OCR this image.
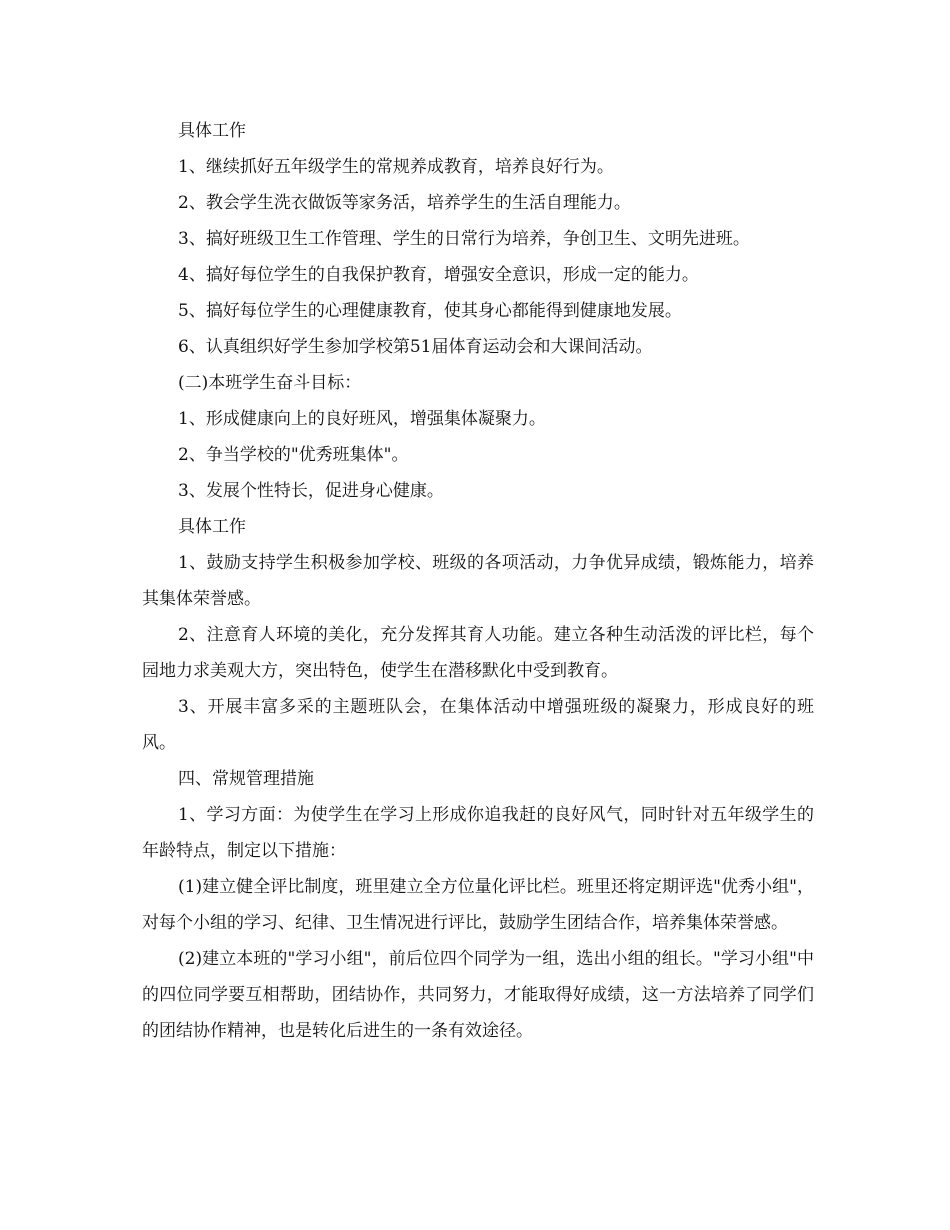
具体工作

1、继续抓好五年级学生的常规养成教育，培养良好行为。

2、教会学生洗衣做饭等家务活，培养学生的生活自理能力。

3、搞好班级卫生工作管理、学生的日常行为培养，争创卫生、文明先进班。

4、搞好每位学生的自我保护教育，增强安全意识，形成一定的能力。

5、搞好每位学生的心理健康教育，使其身心都能得到健康地发展。

6、认真组织好学生参加学校第51届体育运动会和大课间活动。

(二)本班学生奋斗目标：

1、形成健康向上的良好班风，增强集体凝聚力。

2、争当学校的"优秀班集体"。

3、发展个性特长，促进身心健康。

具体工作

1、鼓励支持学生积极参加学校、班级的各项活动，力争优异成绩，锻炼能力，培养其集体荣誉感。

2、注意育人环境的美化，充分发挥其育人功能。建立各种生动活泼的评比栏，每个园地力求美观大方，突出特色，使学生在潜移默化中受到教育。

3、开展丰富多采的主题班队会，在集体活动中增强班级的凝聚力，形成良好的班风。

四、常规管理措施

1、学习方面：为使学生在学习上形成你追我赶的良好风气，同时针对五年级学生的年龄特点，制定以下措施：

(1)建立健全评比制度，班里建立全方位量化评比栏。班里还将定期评选"优秀小组"，对每个小组的学习、纪律、卫生情况进行评比，鼓励学生团结合作，培养集体荣誉感。

(2)建立本班的"学习小组"，前后位四个同学为一组，选出小组的组长。"学习小组"中的四位同学要互相帮助，团结协作，共同努力，才能取得好成绩，这一方法培养了同学们的团结协作精神，也是转化后进生的一条有效途径。
